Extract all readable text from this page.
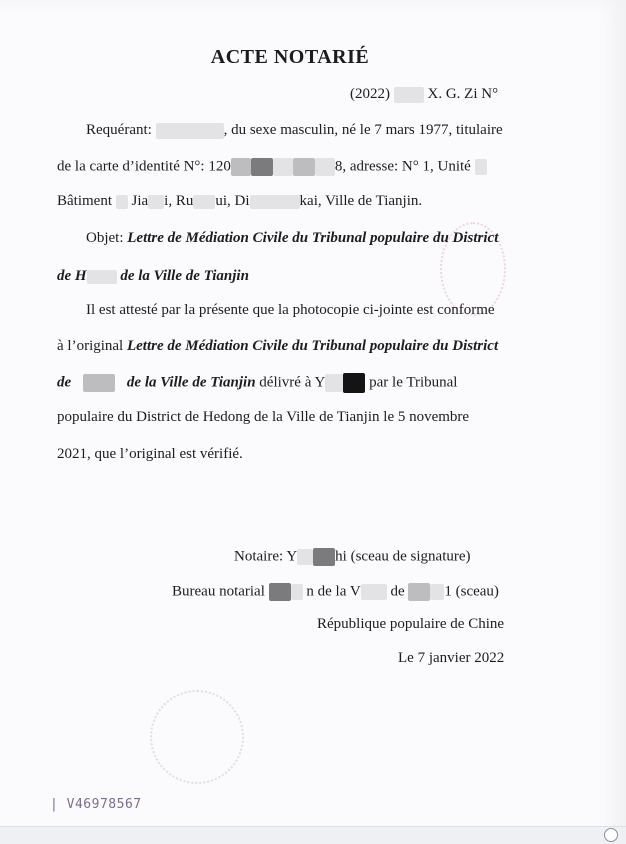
ACTE NOTARIÉ
(2022)	X. G. Zi N°
Requérant:	, du sexe masculin, né le 7 mars 1977, titulaire
de la carte d’identité N°: 120	8, adresse: N° 1, Unité
Bâtiment Jia i, Ru ui, Di	kai, Ville de Tianjin.
Objet: Lettre de Médiation Civile du Tribunal populaire du District
de H de la Ville de Tianjin
Il est attesté par la présente que la photocopie ci-jointe est conforme
à l’original Lettre de Médiation Civile du Tribunal populaire du District
de	de la Ville de Tianjin délivré à Y	par le Tribunal
populaire du District de Hedong de la Ville de Tianjin le 5 novembre
2021, que l’original est vérifié.
Notaire: Y	hi (sceau de signature)
Bureau notarial	n de la V de	1 (sceau)
République populaire de Chine
Le 7 janvier 2022
| V46978567
